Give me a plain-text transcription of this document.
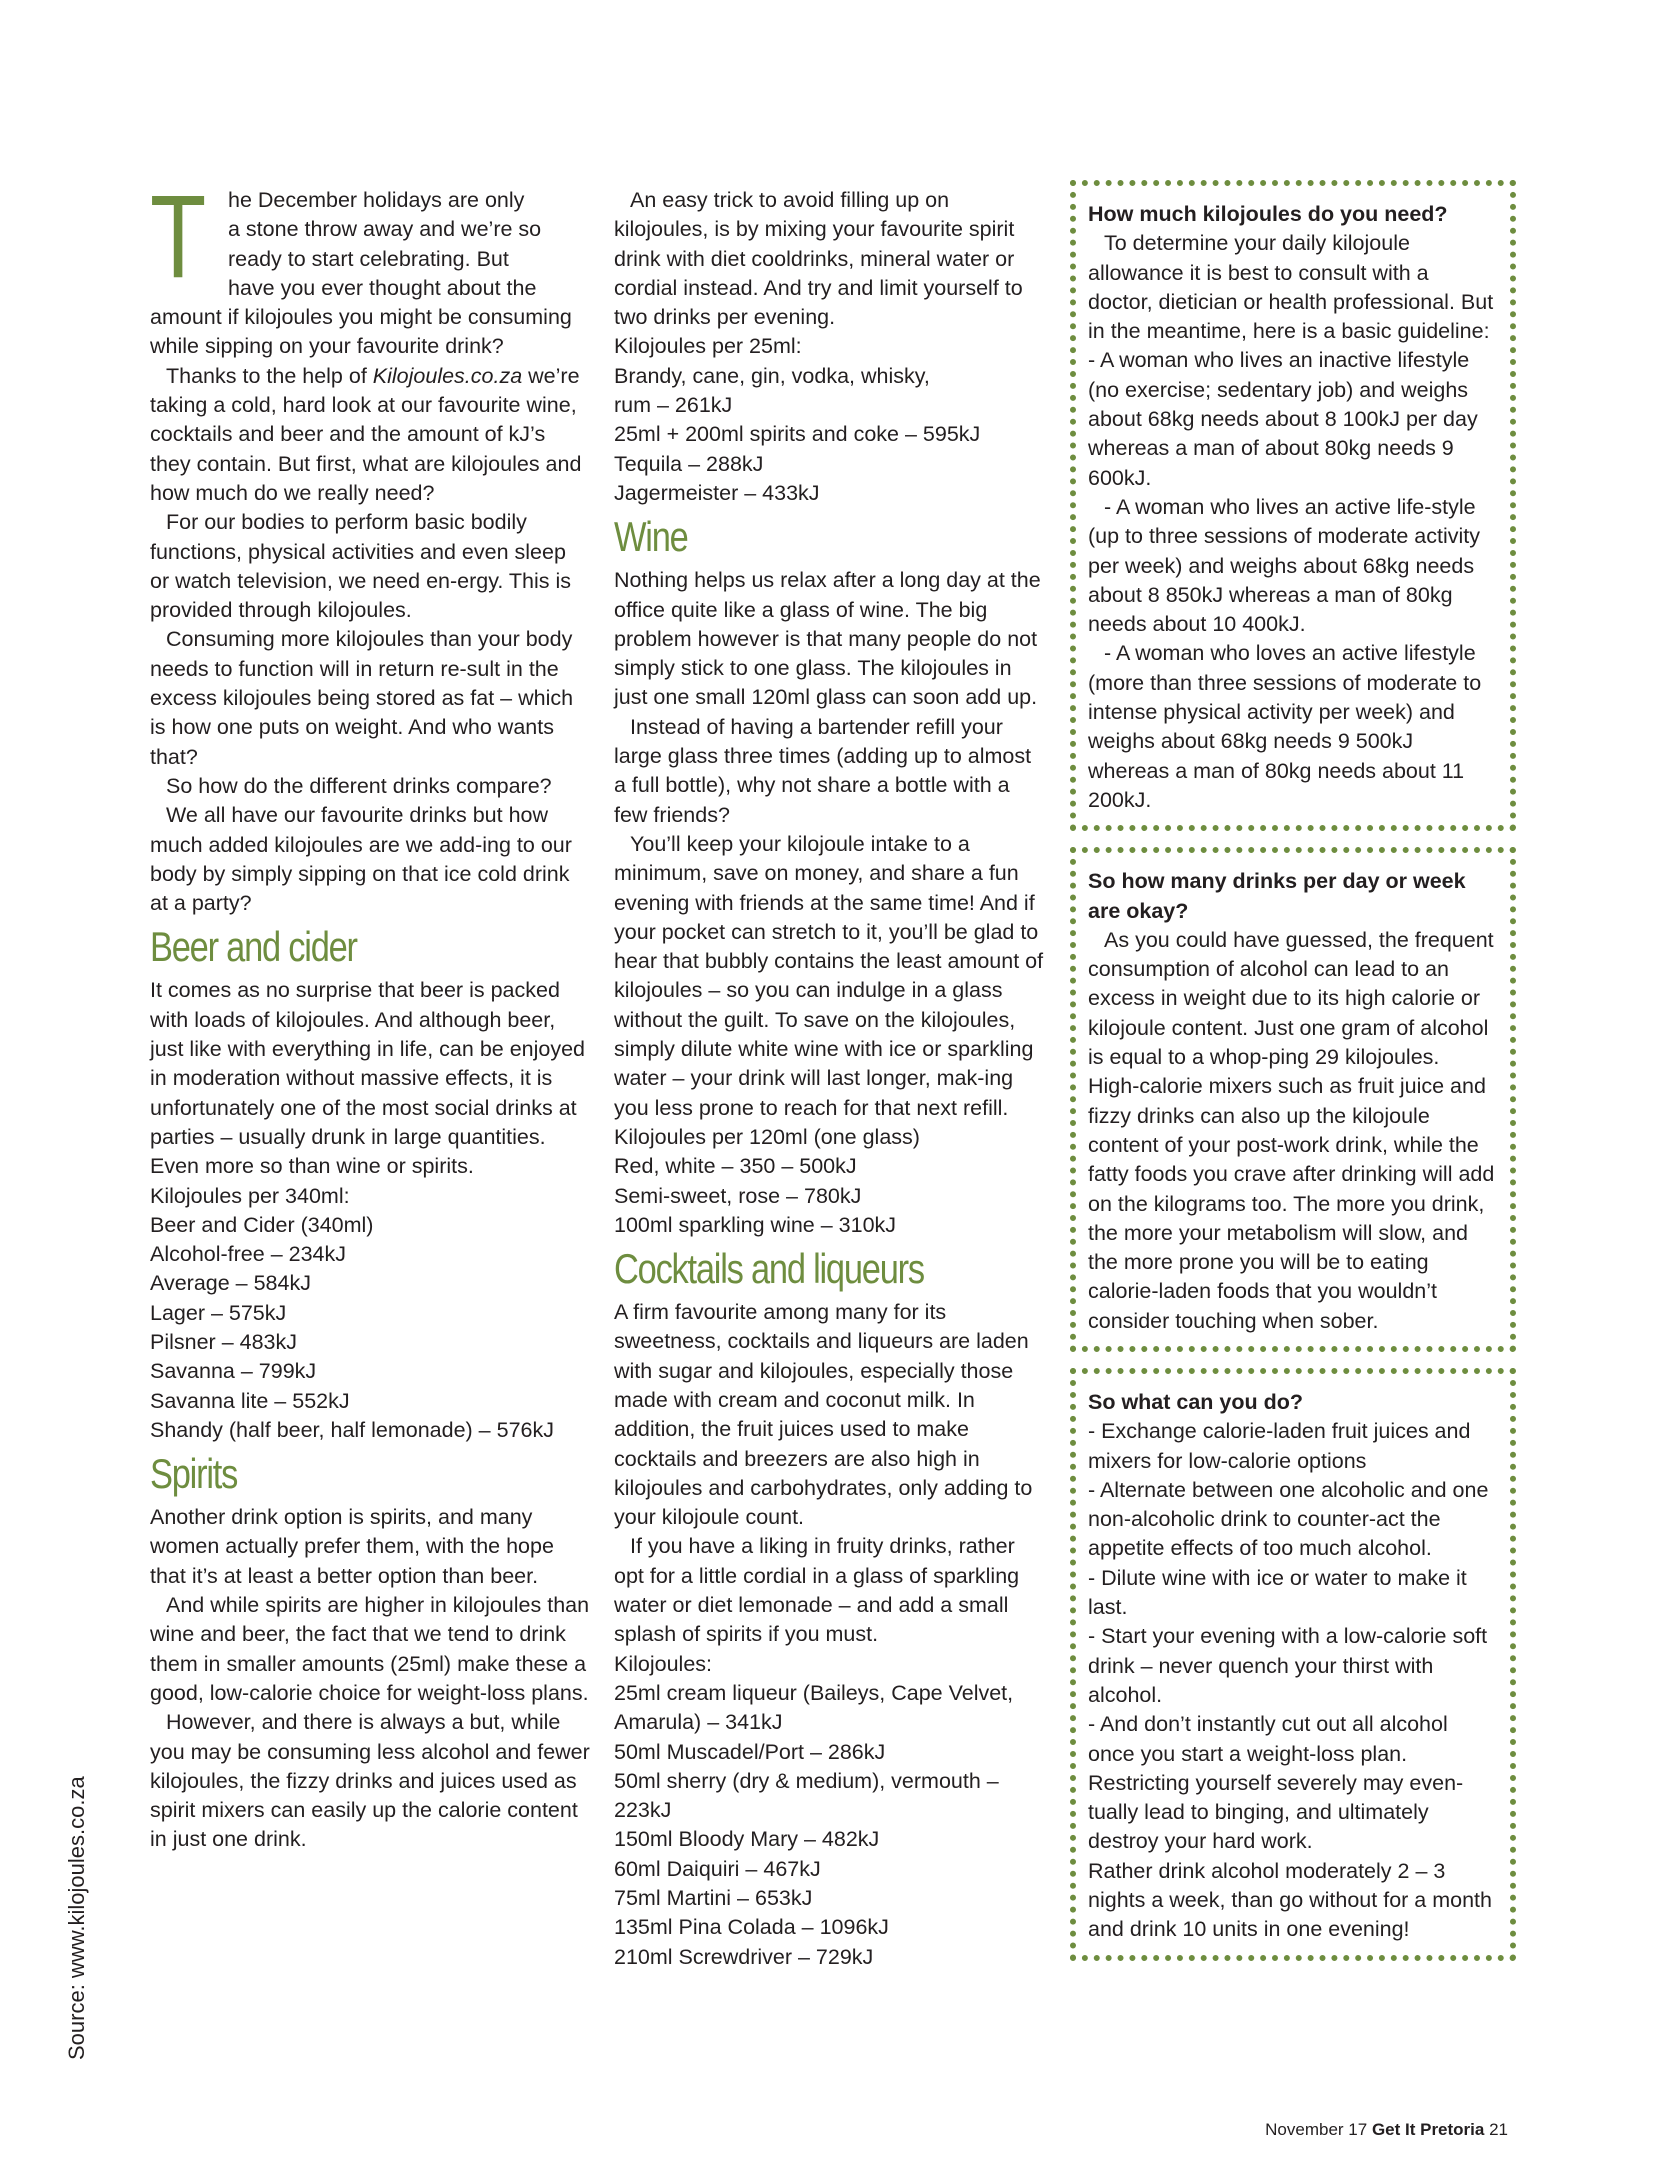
T he December holidays are only
a stone throw away and we’re so
ready to start celebrating. But
have you ever thought about the

amount if kilojoules you might be consuming while sipping on your favourite drink?

Thanks to the help of Kilojoules.co.za we’re taking a cold, hard look at our favourite wine, cocktails and beer and the amount of kJ’s they contain. But first, what are kilojoules and how much do we really need?

For our bodies to perform basic bodily functions, physical activities and even sleep or watch television, we need en-ergy. This is provided through kilojoules.

Consuming more kilojoules than your body needs to function will in return re-sult in the excess kilojoules being stored as fat – which is how one puts on weight. And who wants that?

So how do the different drinks compare?

We all have our favourite drinks but how much added kilojoules are we add-ing to our body by simply sipping on that ice cold drink at a party?

Beer and cider

It comes as no surprise that beer is packed with loads of kilojoules. And although beer, just like with everything in life, can be enjoyed in moderation without massive effects, it is unfortunately one of the most social drinks at parties – usually drunk in large quantities. Even more so than wine or spirits.

Kilojoules per 340ml:
Beer and Cider (340ml)
Alcohol-free – 234kJ
Average – 584kJ
Lager – 575kJ
Pilsner – 483kJ
Savanna – 799kJ
Savanna lite – 552kJ
Shandy (half beer, half lemonade) – 576kJ
Spirits

Another drink option is spirits, and many women actually prefer them, with the hope that it’s at least a better option than beer.

And while spirits are higher in kilojoules than wine and beer, the fact that we tend to drink them in smaller amounts (25ml) make these a good, low-calorie choice for weight-loss plans.

However, and there is always a but, while you may be consuming less alcohol and fewer kilojoules, the fizzy drinks and juices used as spirit mixers can easily up the calorie content in just one drink.

An easy trick to avoid filling up on kilojoules, is by mixing your favourite spirit drink with diet cooldrinks, mineral water or cordial instead. And try and limit yourself to two drinks per evening.

Kilojoules per 25ml:
Brandy, cane, gin, vodka, whisky,
rum – 261kJ
25ml + 200ml spirits and coke – 595kJ
Tequila – 288kJ
Jagermeister – 433kJ
Wine

Nothing helps us relax after a long day at the office quite like a glass of wine. The big problem however is that many people do not simply stick to one glass. The kilojoules in just one small 120ml glass can soon add up.

Instead of having a bartender refill your large glass three times (adding up to almost a full bottle), why not share a bottle with a few friends?

You’ll keep your kilojoule intake to a minimum, save on money, and share a fun evening with friends at the same time! And if your pocket can stretch to it, you’ll be glad to hear that bubbly contains the least amount of kilojoules – so you can indulge in a glass without the guilt. To save on the kilojoules, simply dilute white wine with ice or sparkling water – your drink will last longer, mak-ing you less prone to reach for that next refill.

Kilojoules per 120ml (one glass)
Red, white – 350 – 500kJ
Semi-sweet, rose – 780kJ
100ml sparkling wine – 310kJ
Cocktails and liqueurs

A firm favourite among many for its sweetness, cocktails and liqueurs are laden with sugar and kilojoules, especially those made with cream and coconut milk. In addition, the fruit juices used to make cocktails and breezers are also high in kilojoules and carbohydrates, only adding to your kilojoule count.

If you have a liking in fruity drinks, rather opt for a little cordial in a glass of sparkling water or diet lemonade – and add a small splash of spirits if you must.

Kilojoules:
25ml cream liqueur (Baileys, Cape Velvet, Amarula) – 341kJ
50ml Muscadel/Port – 286kJ
50ml sherry (dry & medium), vermouth – 223kJ
150ml Bloody Mary – 482kJ
60ml Daiquiri – 467kJ
75ml Martini – 653kJ
135ml Pina Colada – 1096kJ
210ml Screwdriver – 729kJ

How much kilojoules do you need?

To determine your daily kilojoule allowance it is best to consult with a doctor, dietician or health professional. But in the meantime, here is a basic guideline:

- A woman who lives an inactive lifestyle (no exercise; sedentary job) and weighs about 68kg needs about 8 100kJ per day whereas a man of about 80kg needs 9 600kJ.

- A woman who lives an active life-style (up to three sessions of moderate activity per week) and weighs about 68kg needs about 8 850kJ whereas a man of 80kg needs about 10 400kJ.

- A woman who loves an active lifestyle (more than three sessions of moderate to intense physical activity per week) and weighs about 68kg needs 9 500kJ whereas a man of 80kg needs about 11 200kJ.

So how many drinks per day or week are okay?

As you could have guessed, the frequent consumption of alcohol can lead to an excess in weight due to its high calorie or kilojoule content. Just one gram of alcohol is equal to a whop-ping 29 kilojoules. High-calorie mixers such as fruit juice and fizzy drinks can also up the kilojoule content of your post-work drink, while the fatty foods you crave after drinking will add on the kilograms too. The more you drink, the more your metabolism will slow, and the more prone you will be to eating calorie-laden foods that you wouldn’t consider touching when sober.

So what can you do?

- Exchange calorie-laden fruit juices and mixers for low-calorie options

- Alternate between one alcoholic and one non-alcoholic drink to counter-act the appetite effects of too much alcohol.

- Dilute wine with ice or water to make it last.

- Start your evening with a low-calorie soft drink – never quench your thirst with alcohol.

- And don’t instantly cut out all alcohol once you start a weight-loss plan. Restricting yourself severely may even-tually lead to binging, and ultimately destroy your hard work.

Rather drink alcohol moderately 2 – 3 nights a week, than go without for a month and drink 10 units in one evening!

Source: www.kilojoules.co.za
November 17 Get It Pretoria 21
